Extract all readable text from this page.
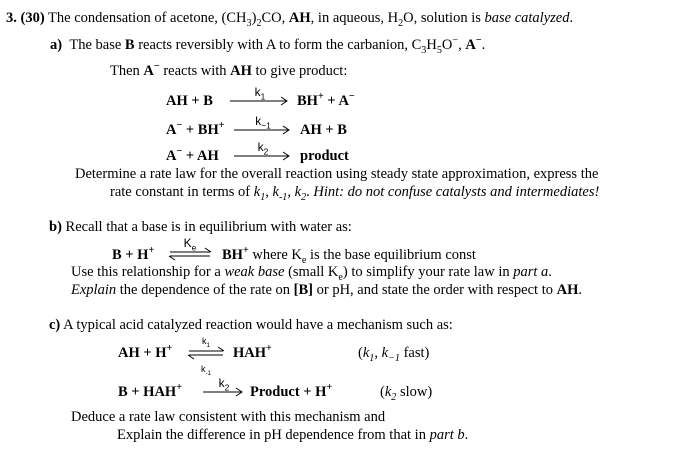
3. (30) The condensation of acetone, $(CH_3)_2CO$, AH, in aqueous, $H_2O$, solution is base catalyzed.
a) The base B reacts reversibly with A to form the carbanion, $C_3H_5O^-$, A−.
Then A− reacts with AH to give product:
AH + B
$k_1$	BH+ + A−
A− + BH+	$k_{-1}$	AH + B
A− + AH
$k_2$	product
Determine a rate law for the overall reaction using steady state approximation, express the
rate constant in terms of $k_1$, $k_{-1}$, $k_2$. Hint: do not confuse catalysts and intermediates!
b) Recall that a base is in equilibrium with water as:
B + H+
$K_e$	BH+ where $K_e$ is the base equilibrium const
Use this relationship for a weak base (small $K_e$) to simplify your rate law in part a.
Explain the dependence of the rate on [B] or pH, and state the order with respect to AH.
c) A typical acid catalyzed reaction would have a mechanism such as:
AH + H+
$k_1$
$k_{-1}$
HAH+	($k_1$, $k_{-1}$ fast)
B + HAH+	$k_2$	Product + H+	($k_2$ slow)
Deduce a rate law consistent with this mechanism and
Explain the difference in pH dependence from that in part b.
